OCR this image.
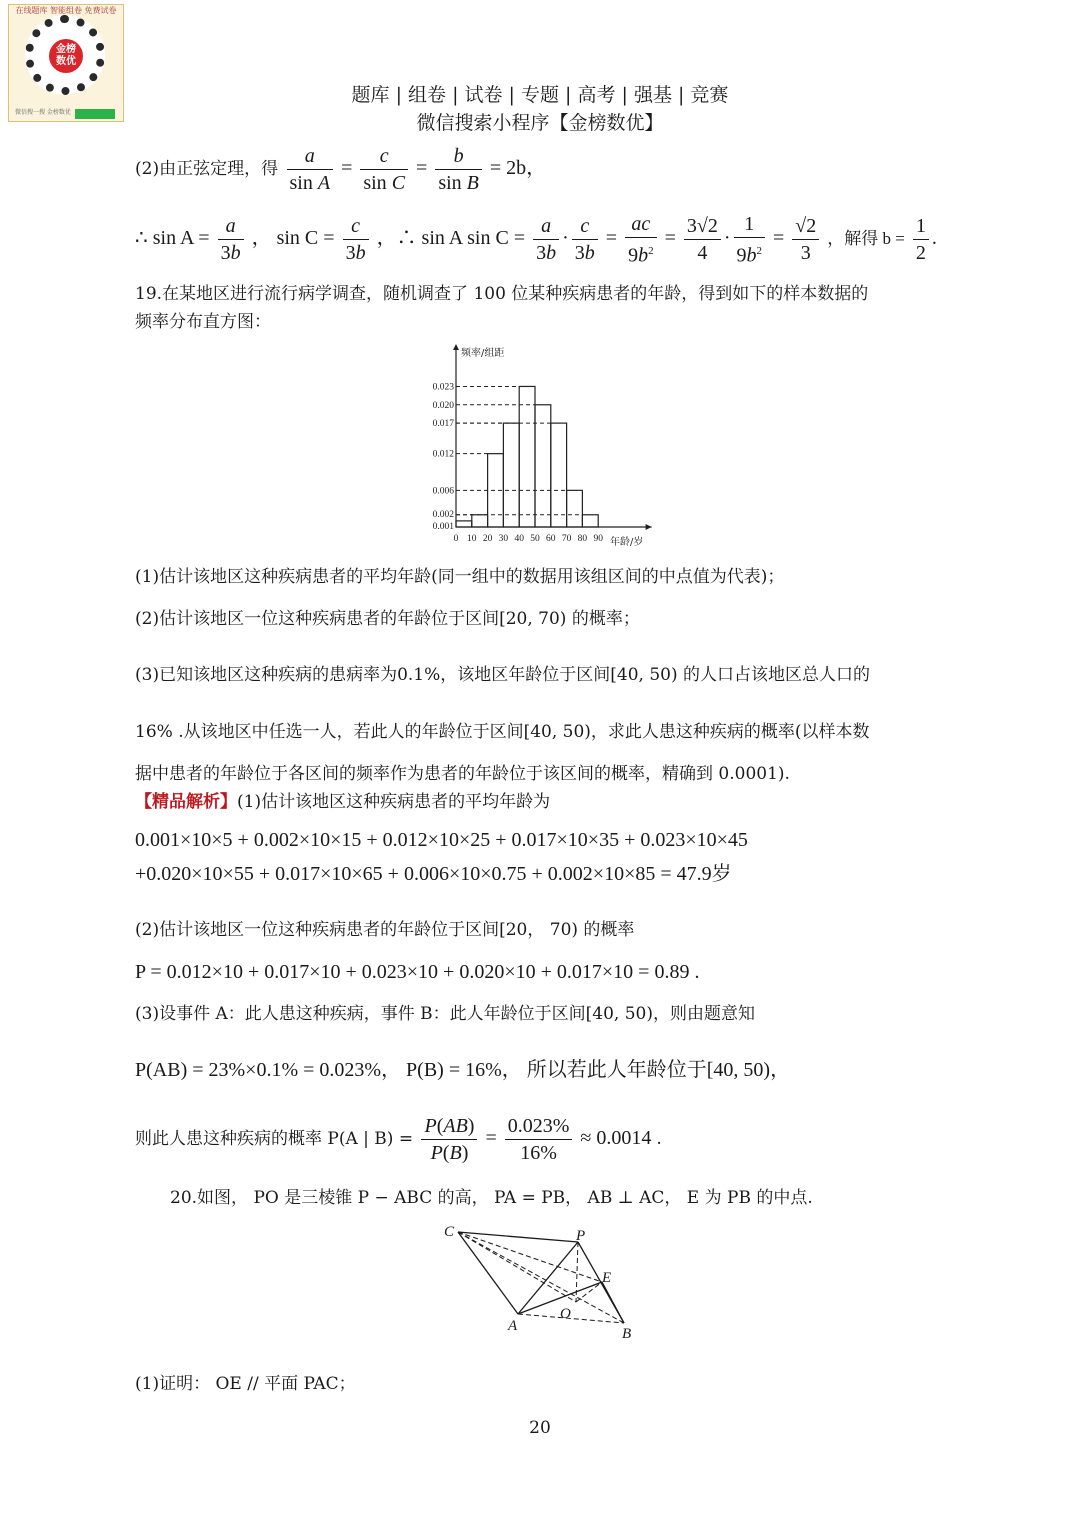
在线题库 智能组卷 免费试卷
金榜
数优
微信搜一搜 金榜数优
题库 | 组卷 | 试卷 | 专题 | 高考 | 强基 | 竞赛
微信搜索小程序【金榜数优】
(2)由正弦定理，得 $\frac{a}{\text{sin A}} = \frac{c}{\text{sin C}} = \frac{b}{\text{sin B}} = 2b$，
∴ $\sin A = \frac{a}{3b}$ ， $\sin C = \frac{c}{3b}$ ，∴ sin A $\sin C = \frac{a}{3b} \cdot \frac{c}{3b} = \frac{ac}{9b^2} = \frac{3√2}{4} \cdot \frac{1}{9b^2} = \frac{√2}{3}$ ，解得 $b = \frac{1}{2}$ .
19.在某地区进行流行病学调查，随机调查了 100 位某种疾病患者的年龄，得到如下的样本数据的
频率分布直方图：
0.023
0.020
0.017
0.012
0.006
0.002
0.001
0 10 20 30 40 50 60 70 80 90
频率/组距
年龄/岁
(1)估计该地区这种疾病患者的平均年龄(同一组中的数据用该组区间的中点值为代表)；
(2)估计该地区一位这种疾病患者的年龄位于区间[20, 70) 的概率；
(3)已知该地区这种疾病的患病率为0.1%，该地区年龄位于区间[40, 50) 的人口占该地区总人口的
16% .从该地区中任选一人，若此人的年龄位于区间[40, 50)，求此人患这种疾病的概率(以样本数
据中患者的年龄位于各区间的频率作为患者的年龄位于该区间的概率，精确到 0.0001).
【精品解析】(1)估计该地区这种疾病患者的平均年龄为
0.001×10×5 + 0.002×10×15 + 0.012×10×25 + 0.017×10×35 + 0.023×10×45
+0.020×10×55 + 0.017×10×65 + 0.006×10×0.75 + 0.002×10×85 = 47.9岁
(2)估计该地区一位这种疾病患者的年龄位于区间[20， 70) 的概率
P = 0.012×10 + 0.017×10 + 0.023×10 + 0.020×10 + 0.017×10 = 0.89 .
(3)设事件 A：此人患这种疾病，事件 B：此人年龄位于区间[40, 50)，则由题意知
P(AB) = 23%×0.1% = 0.023%， P(B) = 16%， 所以若此人年龄位于[40, 50)，
则此人患这种疾病的概率 P(A | $B) = \frac{P(AB)}{P(B)} = \frac{0.023\%}{16\%} \approx 0.0014$ .
20.如图， PO 是三棱锥 P − ABC 的高， PA = PB， AB ⊥ AC， E 为 PB 的中点.
C	P
E
O
A	B
(1)证明： OE // 平面 PAC；
20
